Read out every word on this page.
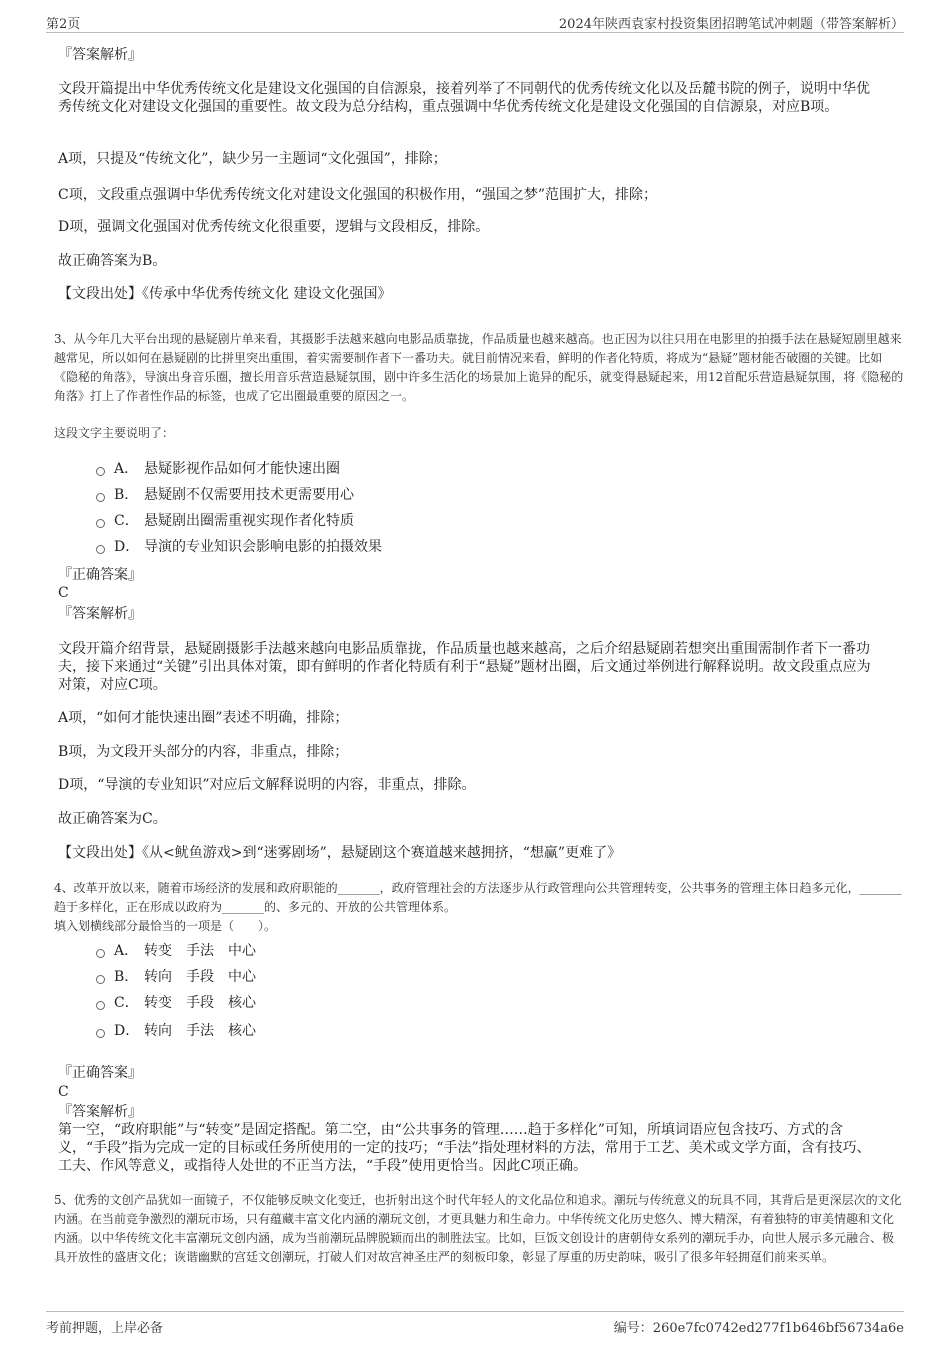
第2页	2024年陕西袁家村投资集团招聘笔试冲刺题（带答案解析）

『答案解析』

文段开篇提出中华优秀传统文化是建设文化强国的自信源泉，接着列举了不同朝代的优秀传统文化以及岳麓书院的例子，说明中华优秀传统文化对建设文化强国的重要性。故文段为总分结构，重点强调中华优秀传统文化是建设文化强国的自信源泉，对应B项。

A项，只提及“传统文化”，缺少另一主题词“文化强国”，排除；

C项，文段重点强调中华优秀传统文化对建设文化强国的积极作用，“强国之梦”范围扩大，排除；

D项，强调文化强国对优秀传统文化很重要，逻辑与文段相反，排除。

故正确答案为B。

【文段出处】《传承中华优秀传统文化 建设文化强国》

3、从今年几大平台出现的悬疑剧片单来看，其摄影手法越来越向电影品质靠拢，作品质量也越来越高。也正因为以往只用在电影里的拍摄手法在悬疑短剧里越来越常见，所以如何在悬疑剧的比拼里突出重围，着实需要制作者下一番功夫。就目前情况来看，鲜明的作者化特质，将成为“悬疑”题材能否破圈的关键。比如《隐秘的角落》，导演出身音乐圈，擅长用音乐营造悬疑氛围，剧中许多生活化的场景加上诡异的配乐，就变得悬疑起来，用12首配乐营造悬疑氛围，将《隐秘的角落》打上了作者性作品的标签，也成了它出圈最重要的原因之一。

这段文字主要说明了：

A． 悬疑影视作品如何才能快速出圈
B． 悬疑剧不仅需要用技术更需要用心
C． 悬疑剧出圈需重视实现作者化特质
D． 导演的专业知识会影响电影的拍摄效果

『正确答案』

C

『答案解析』

文段开篇介绍背景，悬疑剧摄影手法越来越向电影品质靠拢，作品质量也越来越高，之后介绍悬疑剧若想突出重围需制作者下一番功夫，接下来通过“关键”引出具体对策，即有鲜明的作者化特质有利于“悬疑”题材出圈，后文通过举例进行解释说明。故文段重点应为对策，对应C项。

A项，“如何才能快速出圈”表述不明确，排除；

B项，为文段开头部分的内容，非重点，排除；

D项，“导演的专业知识”对应后文解释说明的内容，非重点，排除。

故正确答案为C。

【文段出处】《从<鱿鱼游戏>到“迷雾剧场”，悬疑剧这个赛道越来越拥挤，“想赢”更难了》

4、改革开放以来，随着市场经济的发展和政府职能的_______，政府管理社会的方法逐步从行政管理向公共管理转变，公共事务的管理主体日趋多元化，_______趋于多样化，正在形成以政府为_______的、多元的、开放的公共管理体系。

填入划横线部分最恰当的一项是（　　）。

A． 转变 手法 中心
B． 转向 手段 中心
C． 转变 手段 核心
D． 转向 手法 核心

『正确答案』

C

『答案解析』

第一空，“政府职能”与“转变”是固定搭配。第二空，由“公共事务的管理……趋于多样化”可知，所填词语应包含技巧、方式的含义，“手段”指为完成一定的目标或任务所使用的一定的技巧；“手法”指处理材料的方法，常用于工艺、美术或文学方面，含有技巧、工夫、作风等意义，或指待人处世的不正当方法，“手段”使用更恰当。因此C项正确。

5、优秀的文创产品犹如一面镜子，不仅能够反映文化变迁，也折射出这个时代年轻人的文化品位和追求。潮玩与传统意义的玩具不同，其背后是更深层次的文化内涵。在当前竞争激烈的潮玩市场，只有蕴藏丰富文化内涵的潮玩文创，才更具魅力和生命力。中华传统文化历史悠久、博大精深，有着独特的审美情趣和文化内涵。以中华传统文化丰富潮玩文创内涵，成为当前潮玩品牌脱颖而出的制胜法宝。比如，巨饭文创设计的唐朝侍女系列的潮玩手办，向世人展示多元融合、极具开放性的盛唐文化；诙谐幽默的宫廷文创潮玩，打破人们对故宫神圣庄严的刻板印象，彰显了厚重的历史韵味，吸引了很多年轻拥趸们前来买单。

考前押题，上岸必备	编号：260e7fc0742ed277f1b646bf56734a6e
